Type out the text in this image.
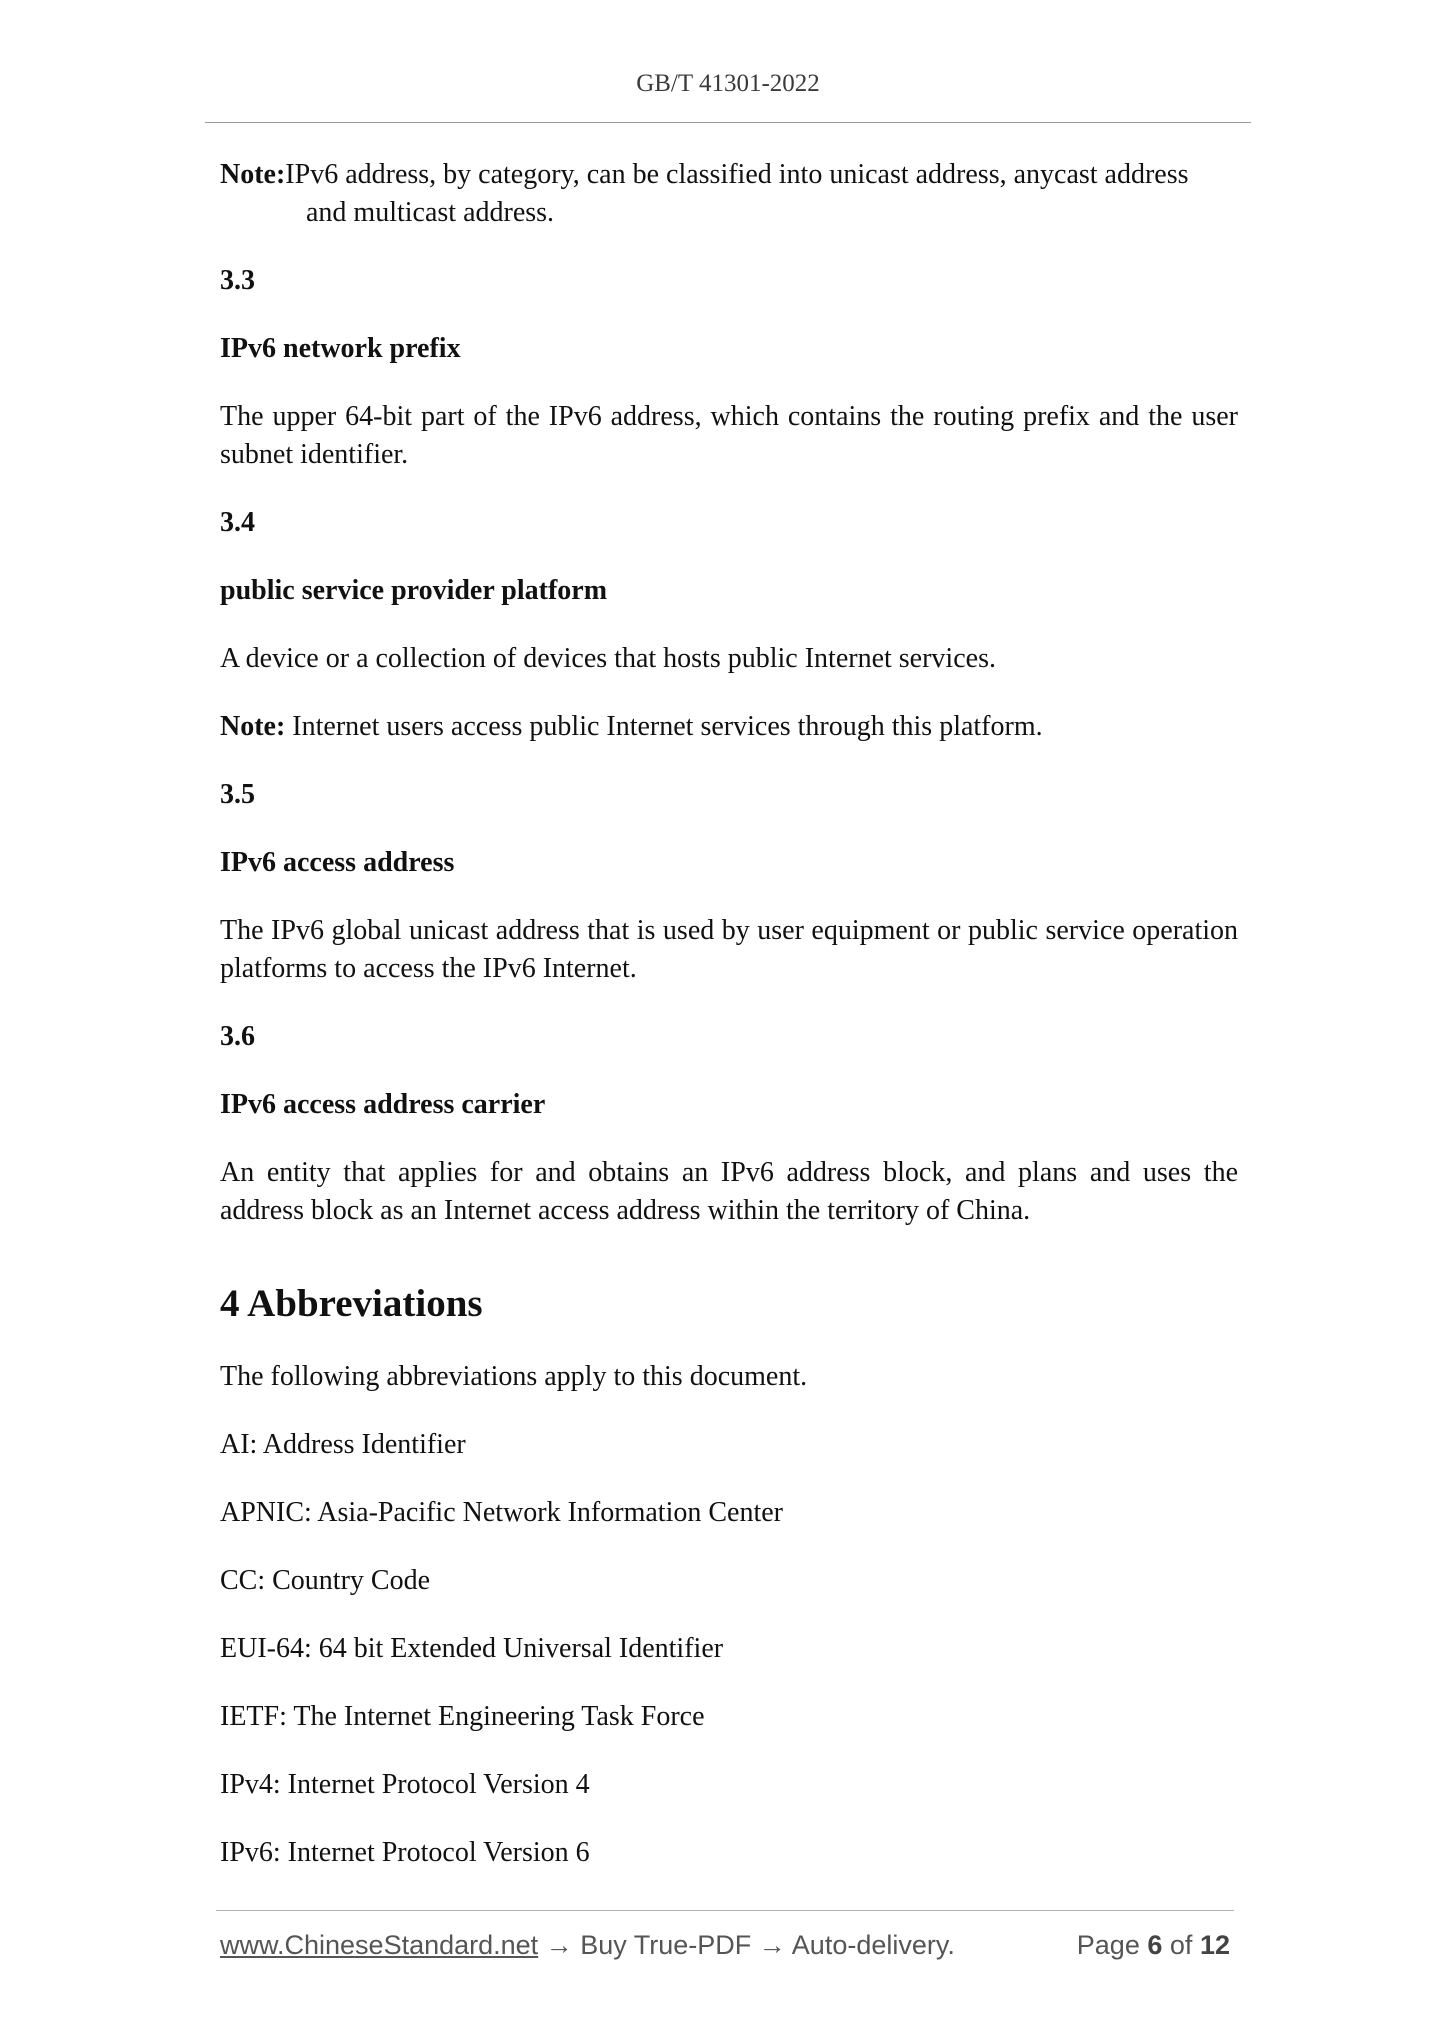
GB/T 41301-2022
Note: IPv6 address, by category, can be classified into unicast address, anycast address

and multicast address.

3.3

IPv6 network prefix

The upper 64-bit part of the IPv6 address, which contains the routing prefix and the user subnet identifier.

3.4

public service provider platform

A device or a collection of devices that hosts public Internet services.

Note: Internet users access public Internet services through this platform.

3.5

IPv6 access address

The IPv6 global unicast address that is used by user equipment or public service operation platforms to access the IPv6 Internet.

3.6

IPv6 access address carrier

An entity that applies for and obtains an IPv6 address block, and plans and uses the address block as an Internet access address within the territory of China.

4 Abbreviations

The following abbreviations apply to this document.

AI: Address Identifier

APNIC: Asia-Pacific Network Information Center

CC: Country Code

EUI-64: 64 bit Extended Universal Identifier

IETF: The Internet Engineering Task Force

IPv4: Internet Protocol Version 4

IPv6: Internet Protocol Version 6

www.ChineseStandard.net → Buy True-PDF → Auto-delivery.	Page 6 of 12
